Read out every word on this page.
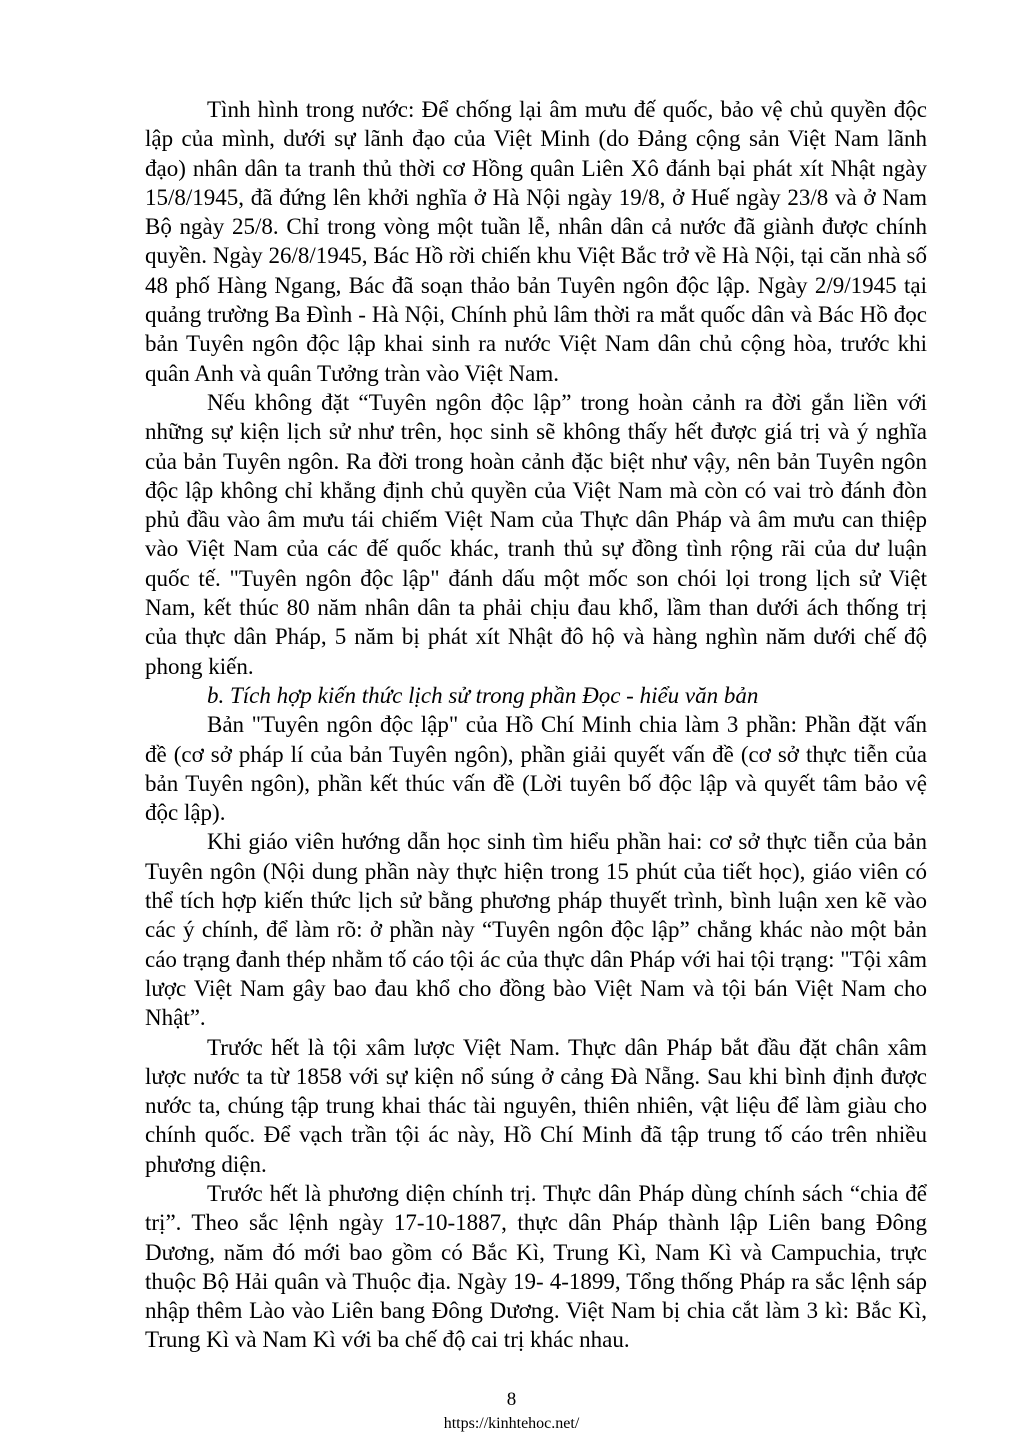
Tình hình trong nước: Để chống lại âm mưu đế quốc, bảo vệ chủ quyền độc lập của mình, dưới sự lãnh đạo của Việt Minh (do Đảng cộng sản Việt Nam lãnh đạo) nhân dân ta tranh thủ thời cơ Hồng quân Liên Xô đánh bại phát xít Nhật ngày 15/8/1945, đã đứng lên khởi nghĩa ở Hà Nội ngày 19/8, ở Huế ngày 23/8 và ở Nam Bộ ngày 25/8. Chỉ trong vòng một tuần lễ, nhân dân cả nước đã giành được chính quyền. Ngày 26/8/1945, Bác Hồ rời chiến khu Việt Bắc trở về Hà Nội, tại căn nhà số 48 phố Hàng Ngang, Bác đã soạn thảo bản Tuyên ngôn độc lập. Ngày 2/9/1945 tại quảng trường Ba Đình - Hà Nội, Chính phủ lâm thời ra mắt quốc dân và Bác Hồ đọc bản Tuyên ngôn độc lập khai sinh ra nước Việt Nam dân chủ cộng hòa, trước khi quân Anh và quân Tưởng tràn vào Việt Nam.

Nếu không đặt “Tuyên ngôn độc lập” trong hoàn cảnh ra đời gắn liền với những sự kiện lịch sử như trên, học sinh sẽ không thấy hết được giá trị và ý nghĩa của bản Tuyên ngôn. Ra đời trong hoàn cảnh đặc biệt như vậy, nên bản Tuyên ngôn độc lập không chỉ khẳng định chủ quyền của Việt Nam mà còn có vai trò đánh đòn phủ đầu vào âm mưu tái chiếm Việt Nam của Thực dân Pháp và âm mưu can thiệp vào Việt Nam của các đế quốc khác, tranh thủ sự đồng tình rộng rãi của dư luận quốc tế. "Tuyên ngôn độc lập" đánh dấu một mốc son chói lọi trong lịch sử Việt Nam, kết thúc 80 năm nhân dân ta phải chịu đau khổ, lầm than dưới ách thống trị của thực dân Pháp, 5 năm bị phát xít Nhật đô hộ và hàng nghìn năm dưới chế độ phong kiến.

b. Tích hợp kiến thức lịch sử trong phần Đọc - hiểu văn bản

Bản "Tuyên ngôn độc lập" của Hồ Chí Minh chia làm 3 phần: Phần đặt vấn đề (cơ sở pháp lí của bản Tuyên ngôn), phần giải quyết vấn đề (cơ sở thực tiễn của bản Tuyên ngôn), phần kết thúc vấn đề (Lời tuyên bố độc lập và quyết tâm bảo vệ độc lập).

Khi giáo viên hướng dẫn học sinh tìm hiểu phần hai: cơ sở thực tiễn của bản Tuyên ngôn (Nội dung phần này thực hiện trong 15 phút của tiết học), giáo viên có thể tích hợp kiến thức lịch sử bằng phương pháp thuyết trình, bình luận xen kẽ vào các ý chính, để làm rõ: ở phần này “Tuyên ngôn độc lập” chẳng khác nào một bản cáo trạng đanh thép nhằm tố cáo tội ác của thực dân Pháp với hai tội trạng: "Tội xâm lược Việt Nam gây bao đau khổ cho đồng bào Việt Nam và tội bán Việt Nam cho Nhật”.

Trước hết là tội xâm lược Việt Nam. Thực dân Pháp bắt đầu đặt chân xâm lược nước ta từ 1858 với sự kiện nổ súng ở cảng Đà Nẵng. Sau khi bình định được nước ta, chúng tập trung khai thác tài nguyên, thiên nhiên, vật liệu để làm giàu cho chính quốc. Để vạch trần tội ác này, Hồ Chí Minh đã tập trung tố cáo trên nhiều phương diện.

Trước hết là phương diện chính trị. Thực dân Pháp dùng chính sách “chia để trị”. Theo sắc lệnh ngày 17-10-1887, thực dân Pháp thành lập Liên bang Đông Dương, năm đó mới bao gồm có Bắc Kì, Trung Kì, Nam Kì và Campuchia, trực thuộc Bộ Hải quân và Thuộc địa. Ngày 19- 4-1899, Tổng thống Pháp ra sắc lệnh sáp nhập thêm Lào vào Liên bang Đông Dương. Việt Nam bị chia cắt làm 3 kì: Bắc Kì, Trung Kì và Nam Kì với ba chế độ cai trị khác nhau.

8
https://kinhtehoc.net/
